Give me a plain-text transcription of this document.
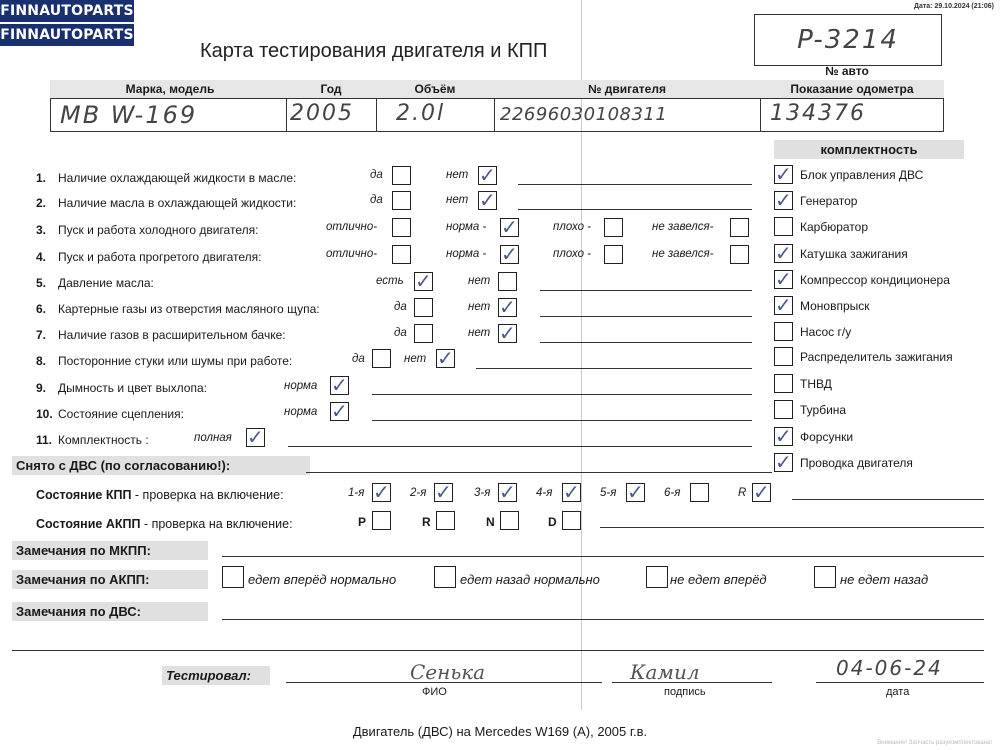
FINNAUTOPARTS
FINNAUTOPARTS
Дата: 29.10.2024 (21:06)
Карта тестирования двигателя и КПП	P-3214
№ авто
Марка, модель	Год	Объём	№ двигателя	Показание одометра
MB W-169	2005 2.0l	22696030108311	134376
комплектность
1. Наличие охлаждающей жидкости в масле:	да	нет ✓
2. Наличие масла в охлаждающей жидкости:	да	нет ✓
3. Пуск и работа холодного двигателя:	отлично-	норма - ✓	плохо -	не завелся-
4. Пуск и работа прогретого двигателя:	отлично-	норма - ✓	плохо -	не завелся-
5. Давление масла:	есть ✓	нет
6. Картерные газы из отверстия масляного щупа:	да	нет ✓
7. Наличие газов в расширительном бачке:	да	нет ✓
8. Посторонние стуки или шумы при работе:	да	нет ✓
9. Дымность и цвет выхлопа:	норма ✓
10. Состояние сцепления:	норма ✓
11. Комплектность :	полная ✓
✓ Блок управления ДВС
✓ Генератор
Карбюратор
✓ Катушка зажигания
✓ Компрессор кондиционера
✓ Моновпрыск
Насос г/у
Распределитель зажигания
ТНВД
Турбина
✓ Форсунки
✓ Проводка двигателя
Снято с ДВС (по согласованию!):
Состояние КПП - проверка на включение:	1-я ✓ 2-я ✓ 3-я ✓ 4-я ✓ 5-я ✓ 6-я	R ✓
Состояние АКПП - проверка на включение:	P	R	N	D
Замечания по МКПП:
Замечания по АКПП:	едет вперёд нормально	едет назад нормально	не едет вперёд	не едет назад
Замечания по ДВС:
Тестировал:	Сенька
ФИО
Камил
подпись
04-06-24
дата
Двигатель (ДВС) на Mercedes W169 (A), 2005 г.в.
Внимание! Запчасть разукомплектована!
